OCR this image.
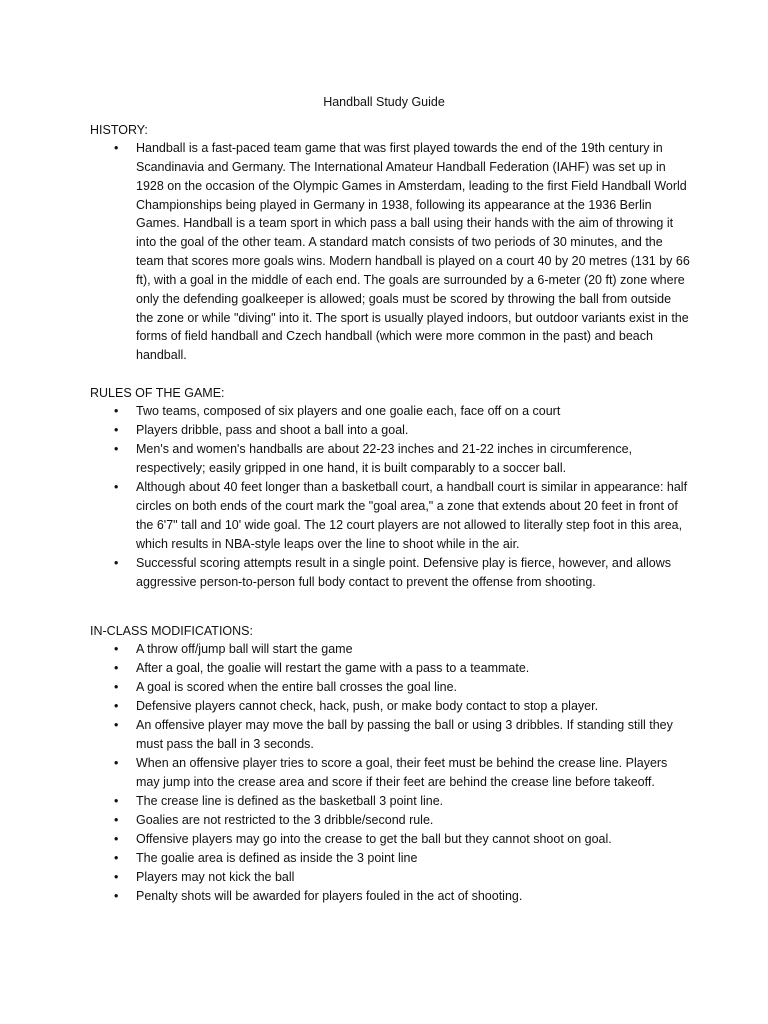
Handball Study Guide
HISTORY:
• Handball is a fast-paced team game that was first played towards the end of the 19th century in Scandinavia and Germany. The International Amateur Handball Federation (IAHF) was set up in 1928 on the occasion of the Olympic Games in Amsterdam, leading to the first Field Handball World Championships being played in Germany in 1938, following its appearance at the 1936 Berlin Games. Handball is a team sport in which pass a ball using their hands with the aim of throwing it into the goal of the other team. A standard match consists of two periods of 30 minutes, and the team that scores more goals wins. Modern handball is played on a court 40 by 20 metres (131 by 66 ft), with a goal in the middle of each end. The goals are surrounded by a 6-meter (20 ft) zone where only the defending goalkeeper is allowed; goals must be scored by throwing the ball from outside the zone or while "diving" into it. The sport is usually played indoors, but outdoor variants exist in the forms of field handball and Czech handball (which were more common in the past) and beach handball.
RULES OF THE GAME:
• Two teams, composed of six players and one goalie each, face off on a court
• Players dribble, pass and shoot a ball into a goal.
• Men's and women's handballs are about 22-23 inches and 21-22 inches in circumference, respectively; easily gripped in one hand, it is built comparably to a soccer ball.
• Although about 40 feet longer than a basketball court, a handball court is similar in appearance: half circles on both ends of the court mark the "goal area," a zone that extends about 20 feet in front of the 6'7" tall and 10' wide goal. The 12 court players are not allowed to literally step foot in this area, which results in NBA-style leaps over the line to shoot while in the air.
• Successful scoring attempts result in a single point. Defensive play is fierce, however, and allows aggressive person-to-person full body contact to prevent the offense from shooting.
IN-CLASS MODIFICATIONS:
• A throw off/jump ball will start the game
• After a goal, the goalie will restart the game with a pass to a teammate.
• A goal is scored when the entire ball crosses the goal line.
• Defensive players cannot check, hack, push, or make body contact to stop a player.
• An offensive player may move the ball by passing the ball or using 3 dribbles. If standing still they must pass the ball in 3 seconds.
• When an offensive player tries to score a goal, their feet must be behind the crease line. Players may jump into the crease area and score if their feet are behind the crease line before takeoff.
• The crease line is defined as the basketball 3 point line.
• Goalies are not restricted to the 3 dribble/second rule.
• Offensive players may go into the crease to get the ball but they cannot shoot on goal.
• The goalie area is defined as inside the 3 point line
• Players may not kick the ball
• Penalty shots will be awarded for players fouled in the act of shooting.
